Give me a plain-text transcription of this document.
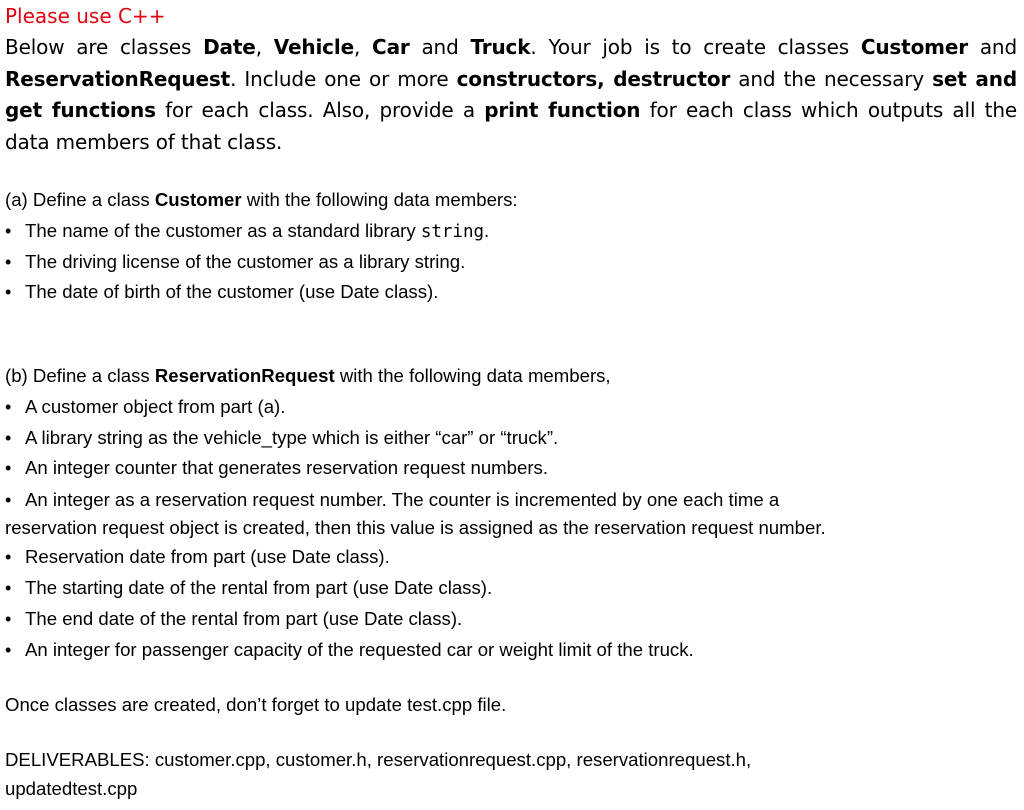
Please use C++
Below are classes Date, Vehicle, Car and Truck. Your job is to create classes Customer and ReservationRequest. Include one or more constructors, destructor and the necessary set and get functions for each class. Also, provide a print function for each class which outputs all the data members of that class.
(a) Define a class Customer with the following data members:
• The name of the customer as a standard library string.
• The driving license of the customer as a library string.
• The date of birth of the customer (use Date class).
(b) Define a class ReservationRequest with the following data members,
• A customer object from part (a).
• A library string as the vehicle_type which is either “car” or “truck”.
• An integer counter that generates reservation request numbers.
• An integer as a reservation request number. The counter is incremented by one each time a
reservation request object is created, then this value is assigned as the reservation request number.
• Reservation date from part (use Date class).
• The starting date of the rental from part (use Date class).
• The end date of the rental from part (use Date class).
• An integer for passenger capacity of the requested car or weight limit of the truck.
Once classes are created, don’t forget to update test.cpp file.
DELIVERABLES: customer.cpp, customer.h, reservationrequest.cpp, reservationrequest.h,
updatedtest.cpp
